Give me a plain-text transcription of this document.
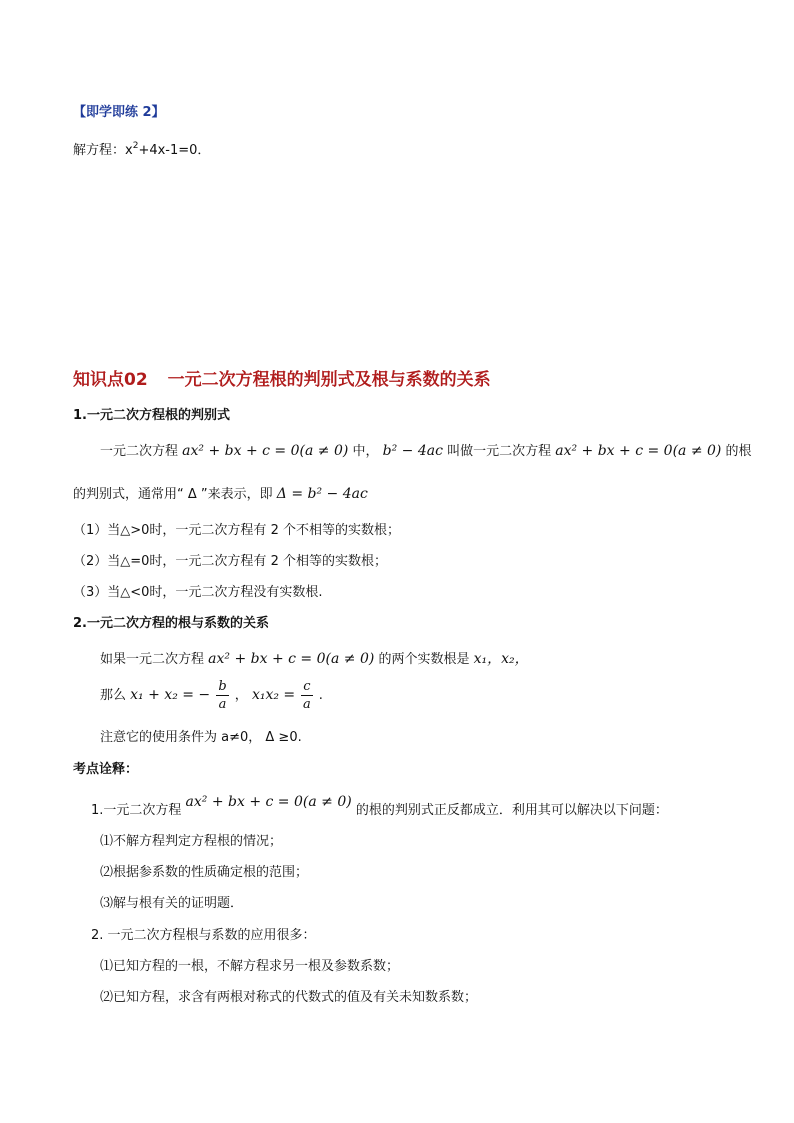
【即学即练 2】
解方程：$x^2+4x-1=0$．
知识点02 一元二次方程根的判别式及根与系数的关系
1.一元二次方程根的判别式
一元二次方程 ax² + bx + c = 0(a ≠ 0) 中， b² − 4ac 叫做一元二次方程 ax² + bx + c = 0(a ≠ 0) 的根
的判别式，通常用“ Δ ”来表示，即 Δ = b² − 4ac
（1）当△>0时，一元二次方程有 2 个不相等的实数根；
（2）当△=0时，一元二次方程有 2 个相等的实数根；
（3）当△<0时，一元二次方程没有实数根.
2.一元二次方程的根与系数的关系
如果一元二次方程 ax² + bx + c = 0(a ≠ 0) 的两个实数根是 x₁，x₂，
那么 x₁ + x₂ = − $\frac{b}{a}$ ， $x_1x_2 = \frac{c}{a}$ .
注意它的使用条件为 a≠0， Δ ≥0.
考点诠释：
1.一元二次方程 ax² + bx + c = 0(a ≠ 0) 的根的判别式正反都成立．利用其可以解决以下问题：
⑴不解方程判定方程根的情况；
⑵根据参系数的性质确定根的范围；
⑶解与根有关的证明题．
2. 一元二次方程根与系数的应用很多：
⑴已知方程的一根，不解方程求另一根及参数系数；
⑵已知方程，求含有两根对称式的代数式的值及有关未知数系数；
